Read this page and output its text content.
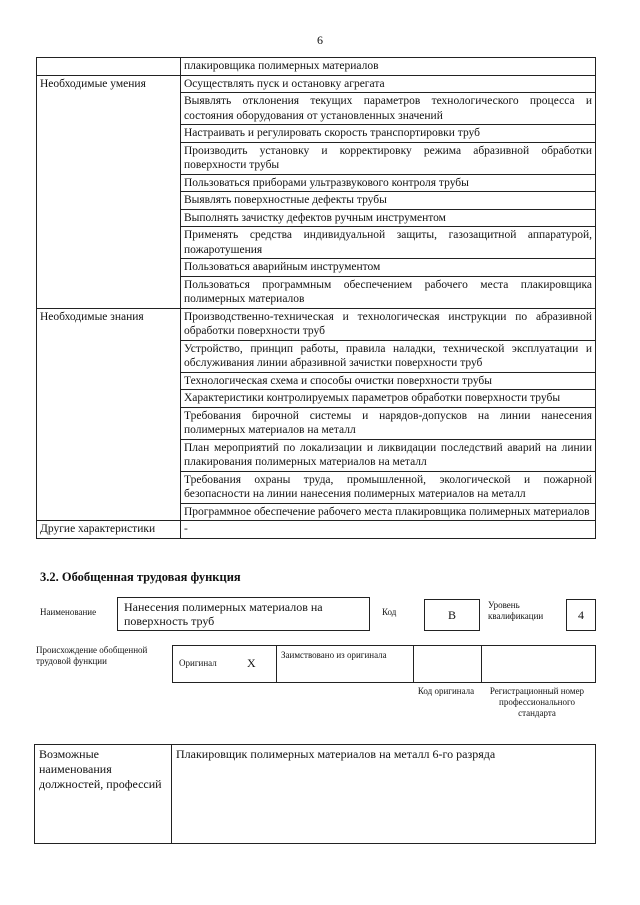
6
	плакировщика полимерных материалов
Необходимые умения	Осуществлять пуск и остановку агрегата
	Выявлять отклонения текущих параметров технологического процесса и состояния оборудования от установленных значений
	Настраивать и регулировать скорость транспортировки труб
	Производить установку и корректировку режима абразивной обработки поверхности трубы
	Пользоваться приборами ультразвукового контроля трубы
	Выявлять поверхностные дефекты трубы
	Выполнять зачистку дефектов ручным инструментом
	Применять средства индивидуальной защиты, газозащитной аппаратурой, пожаротушения
	Пользоваться аварийным инструментом
	Пользоваться программным обеспечением рабочего места плакировщика полимерных материалов
Необходимые знания	Производственно-техническая и технологическая инструкции по абразивной обработки поверхности труб
	Устройство, принцип работы, правила наладки, технической эксплуатации и обслуживания линии абразивной зачистки поверхности труб
	Технологическая схема и способы очистки поверхности трубы
	Характеристики контролируемых параметров обработки поверхности трубы
	Требования бирочной системы и нарядов-допусков на линии нанесения полимерных материалов на металл
	План мероприятий по локализации и ликвидации последствий аварий на линии плакирования полимерных материалов на металл
	Требования охраны труда, промышленной, экологической и пожарной безопасности на линии нанесения полимерных материалов на металл
	Программное обеспечение рабочего места плакировщика полимерных материалов
Другие характеристики	-
3.2. Обобщенная трудовая функция
Наименование	Нанесения полимерных материалов на поверхность труб
Код	В
Уровень квалификации	4
Происхождение обобщенной трудовой функции	Оригинал	X

Заимствовано из оригинала

Код оригинала	Регистрационный номер профессионального стандарта
Возможные наименования должностей, профессий	Плакировщик полимерных материалов на металл 6-го разряда
